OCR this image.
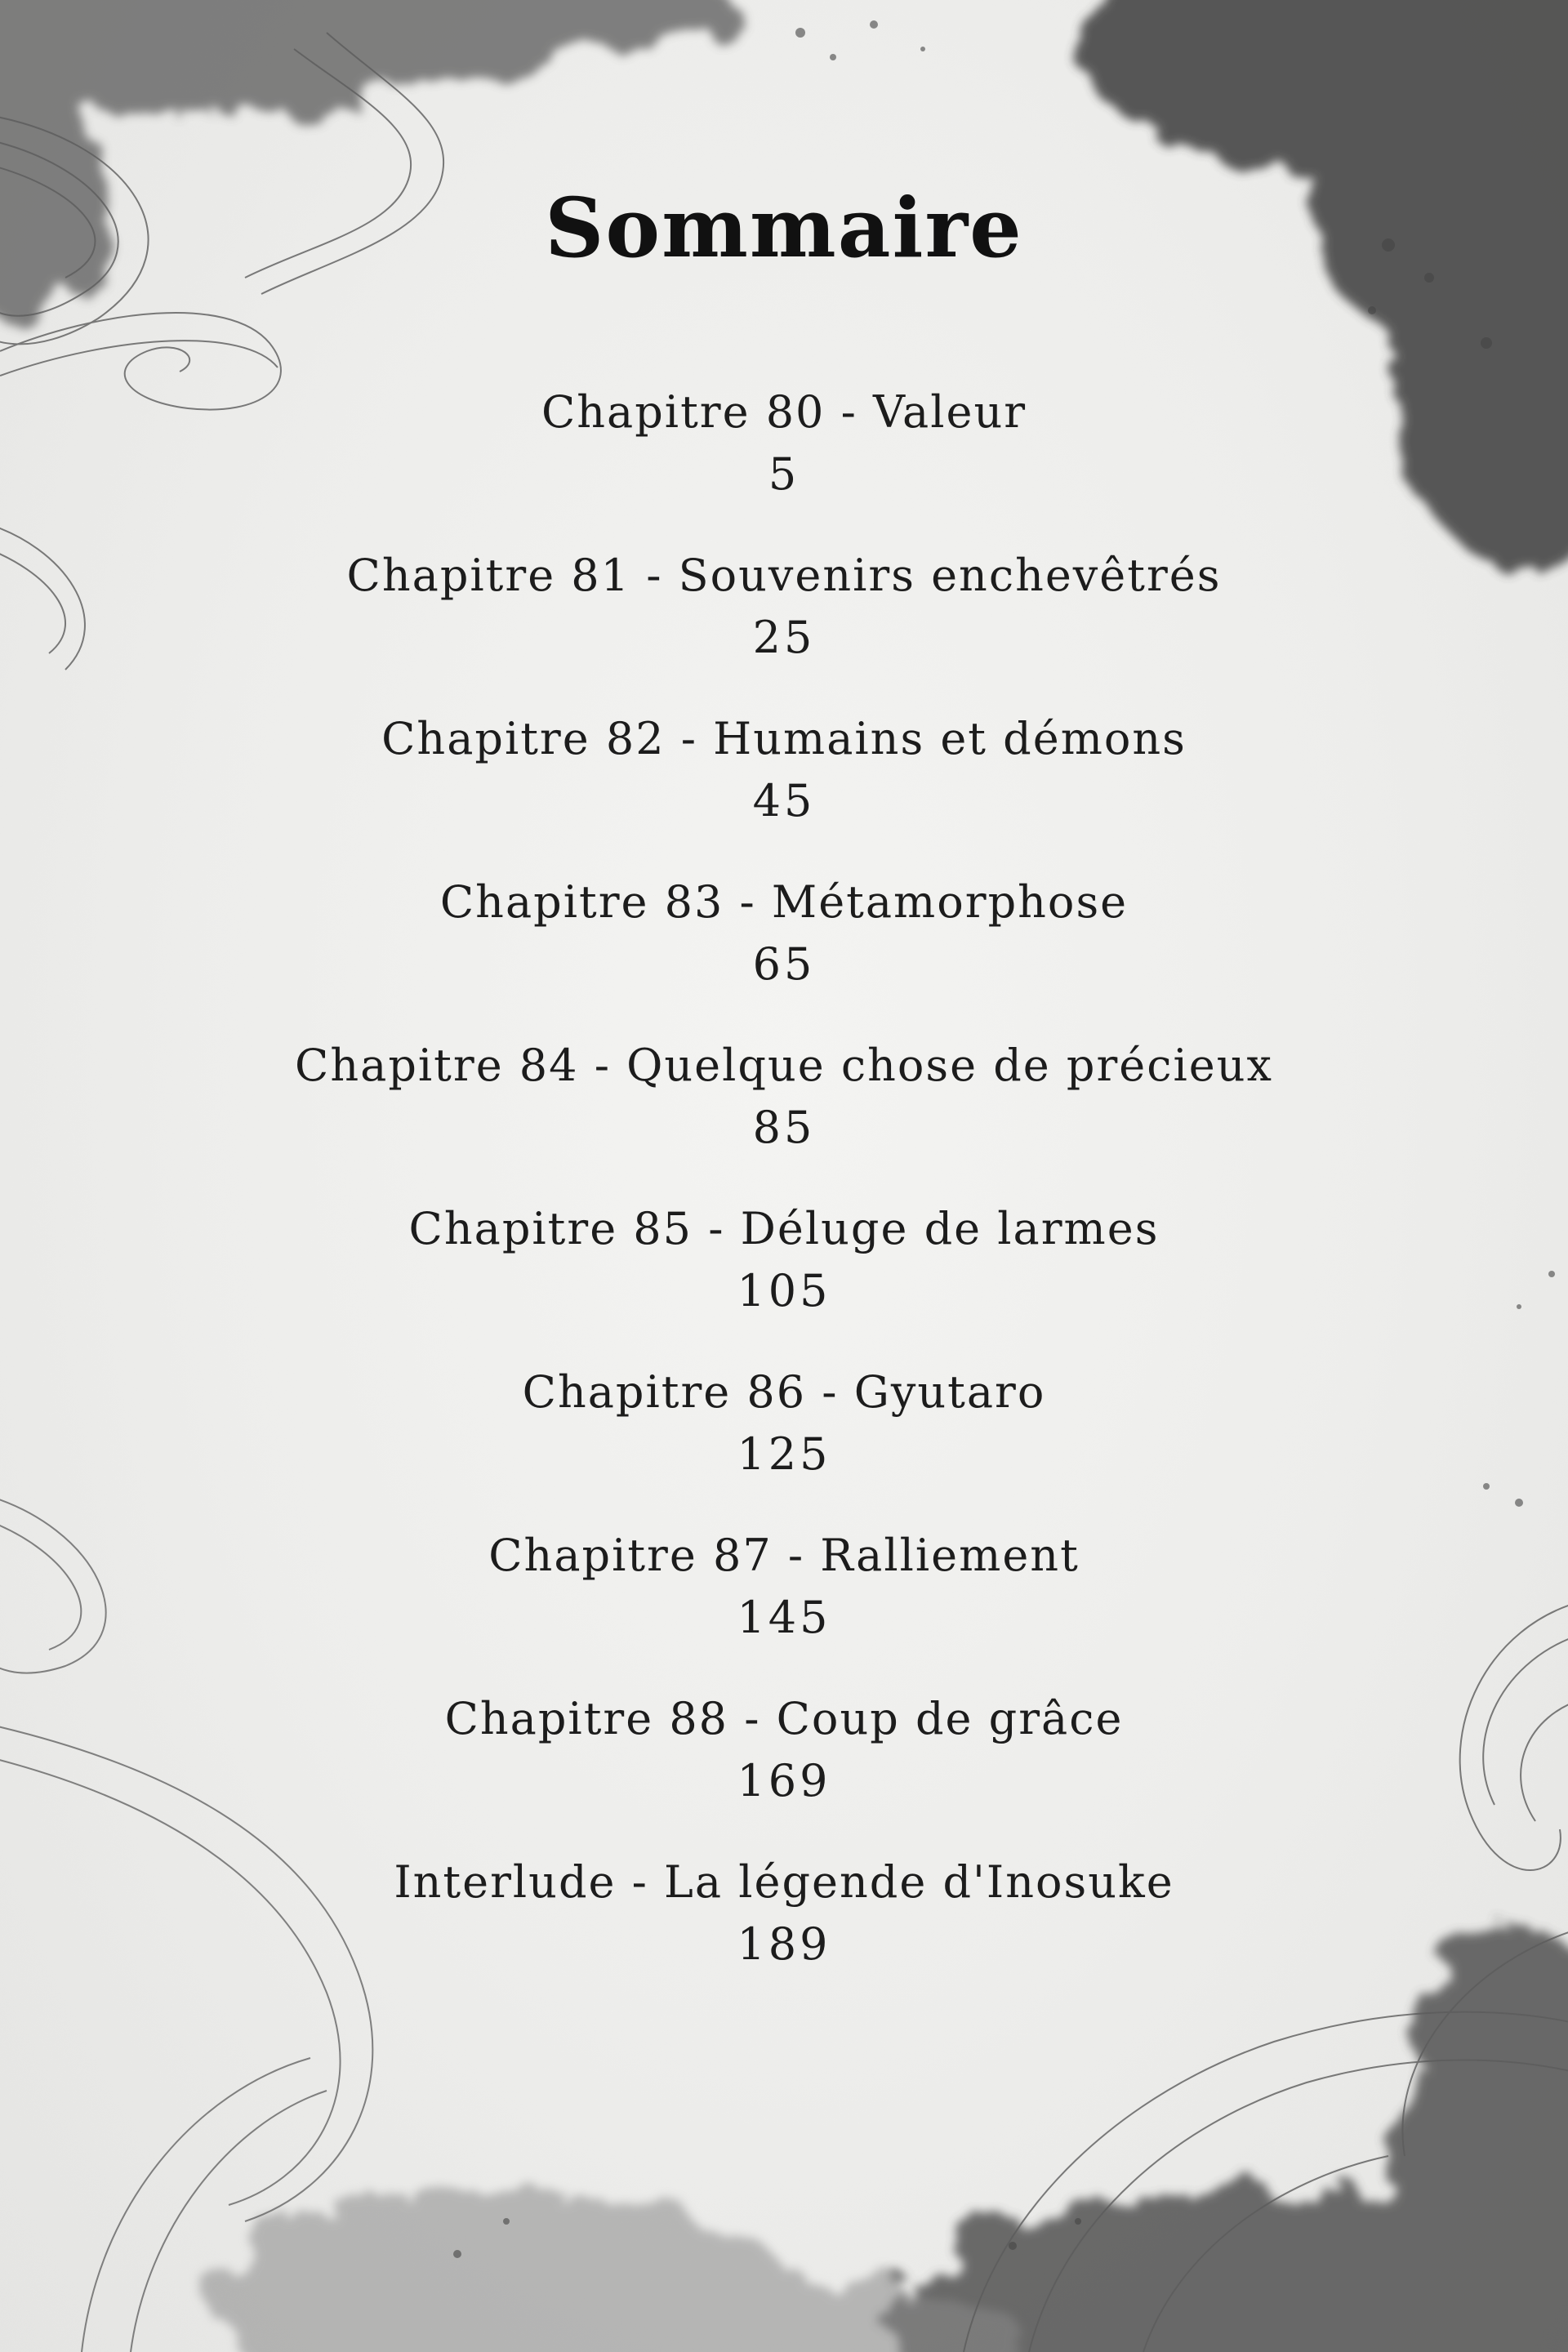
Sommaire
Chapitre 80 - Valeur
5
Chapitre 81 - Souvenirs enchevêtrés
25
Chapitre 82 - Humains et démons
45
Chapitre 83 - Métamorphose
65
Chapitre 84 - Quelque chose de précieux
85
Chapitre 85 - Déluge de larmes
105
Chapitre 86 - Gyutaro
125
Chapitre 87 - Ralliement
145
Chapitre 88 - Coup de grâce
169
Interlude - La légende d'Inosuke
189
